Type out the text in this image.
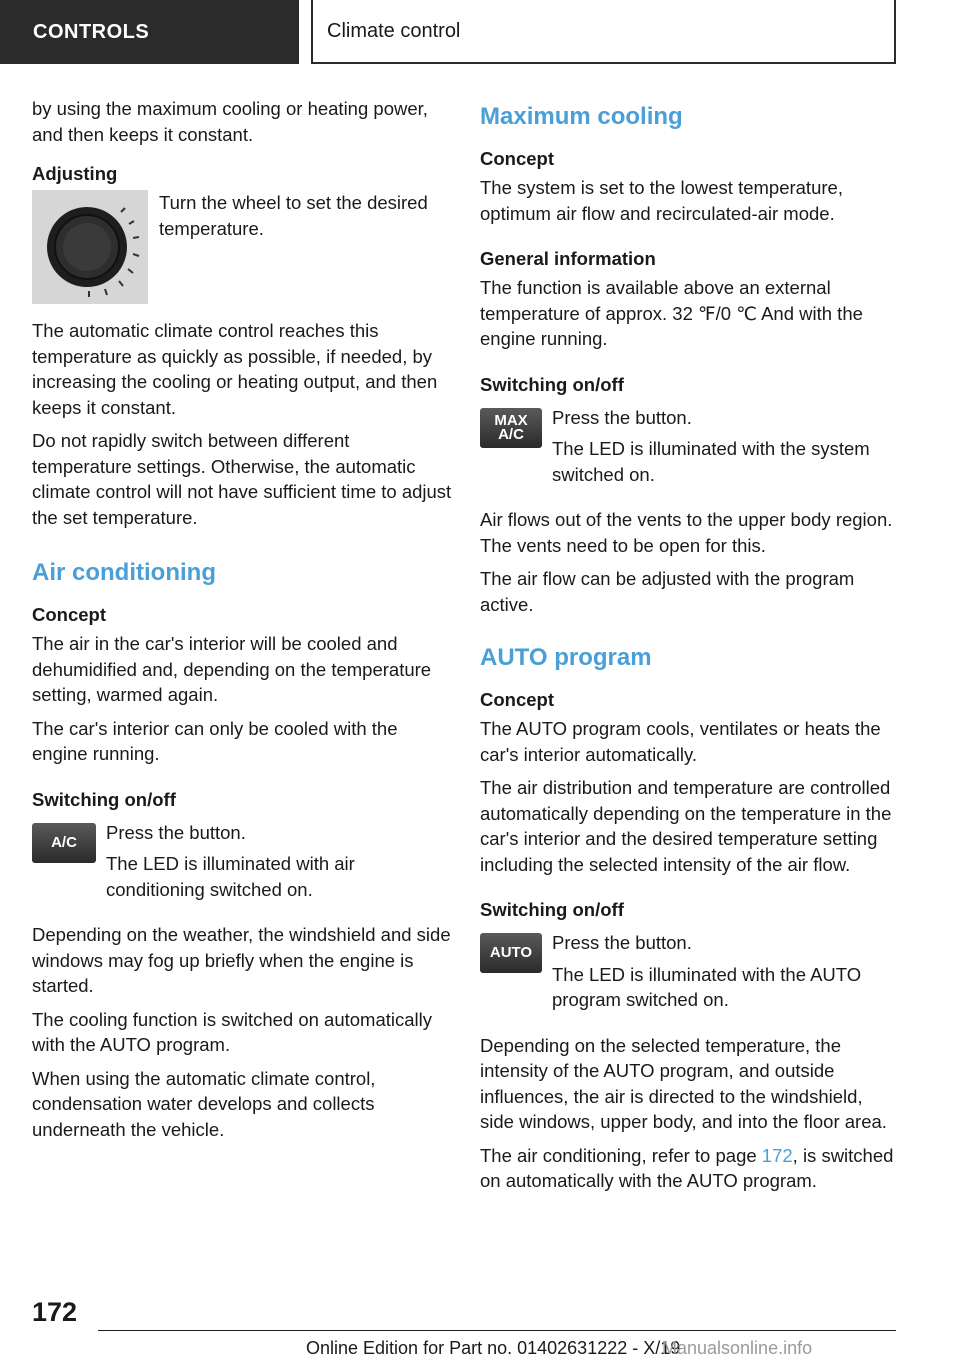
CONTROLS	Climate control

by using the maximum cooling or heating power, and then keeps it constant.

Adjusting

Turn the wheel to set the desired temperature.

The automatic climate control reaches this temperature as quickly as possible, if needed, by increasing the cooling or heating output, and then keeps it constant.

Do not rapidly switch between different temperature settings. Otherwise, the automatic climate control will not have sufficient time to adjust the set temperature.

Air conditioning
Concept

The air in the car's interior will be cooled and dehumidified and, depending on the temperature setting, warmed again.

The car's interior can only be cooled with the engine running.

Switching on/off
A/C	Press the button.

The LED is illuminated with air conditioning switched on.

Depending on the weather, the windshield and side windows may fog up briefly when the engine is started.

The cooling function is switched on automatically with the AUTO program.

When using the automatic climate control, condensation water develops and collects underneath the vehicle.

Maximum cooling
Concept

The system is set to the lowest temperature, optimum air flow and recirculated-air mode.

General information

The function is available above an external temperature of approx. 32 ℉/0 ℃ And with the engine running.

Switching on/off
MAX A/C

Press the button.

The LED is illuminated with the system switched on.

Air flows out of the vents to the upper body region. The vents need to be open for this.

The air flow can be adjusted with the program active.

AUTO program
Concept

The AUTO program cools, ventilates or heats the car's interior automatically.

The air distribution and temperature are controlled automatically depending on the temperature in the car's interior and the desired temperature setting including the selected intensity of the air flow.

Switching on/off
AUTO	Press the button.

The LED is illuminated with the AUTO program switched on.

Depending on the selected temperature, the intensity of the AUTO program, and outside influences, the air is directed to the windshield, side windows, upper body, and into the floor area.

The air conditioning, refer to page 172, is switched on automatically with the AUTO program.

172
Online Edition for Part no. 01402631222 - X/19
Manualsonline.info
